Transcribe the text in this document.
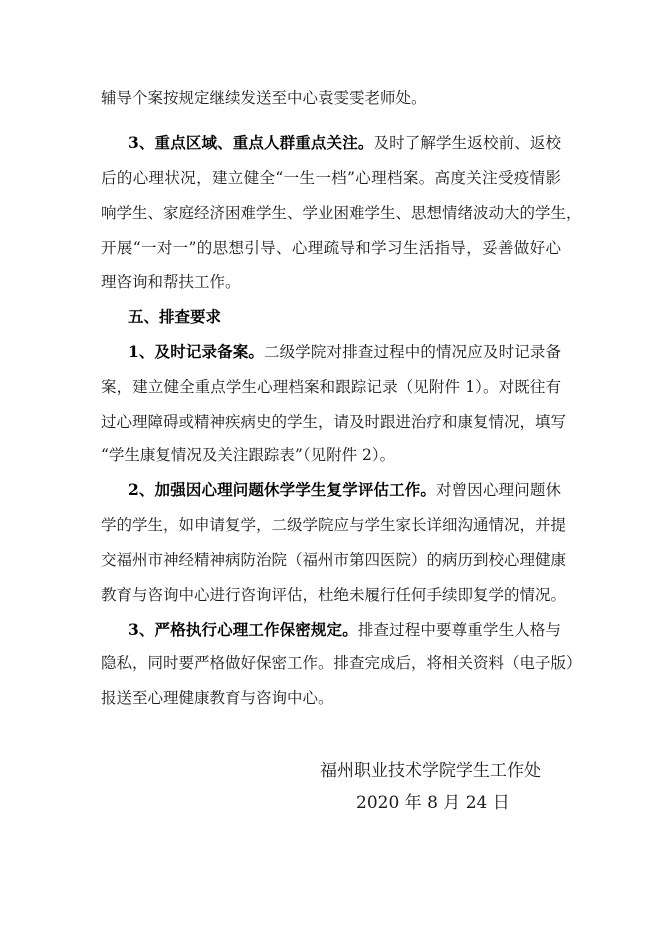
辅导个案按规定继续发送至中心袁雯雯老师处。
3、重点区域、重点人群重点关注。及时了解学生返校前、返校
后的心理状况，建立健全“一生一档”心理档案。高度关注受疫情影
响学生、家庭经济困难学生、学业困难学生、思想情绪波动大的学生，
开展“一对一”的思想引导、心理疏导和学习生活指导，妥善做好心
理咨询和帮扶工作。
五、排查要求
1、及时记录备案。二级学院对排查过程中的情况应及时记录备
案，建立健全重点学生心理档案和跟踪记录（见附件 1）。对既往有
过心理障碍或精神疾病史的学生，请及时跟进治疗和康复情况，填写
“学生康复情况及关注跟踪表”（见附件 2）。
2、加强因心理问题休学学生复学评估工作。对曾因心理问题休
学的学生，如申请复学，二级学院应与学生家长详细沟通情况，并提
交福州市神经精神病防治院（福州市第四医院）的病历到校心理健康
教育与咨询中心进行咨询评估，杜绝未履行任何手续即复学的情况。
3、严格执行心理工作保密规定。排查过程中要尊重学生人格与
隐私，同时要严格做好保密工作。排查完成后，将相关资料（电子版）
报送至心理健康教育与咨询中心。
福州职业技术学院学生工作处
2020 年 8 月 24 日
